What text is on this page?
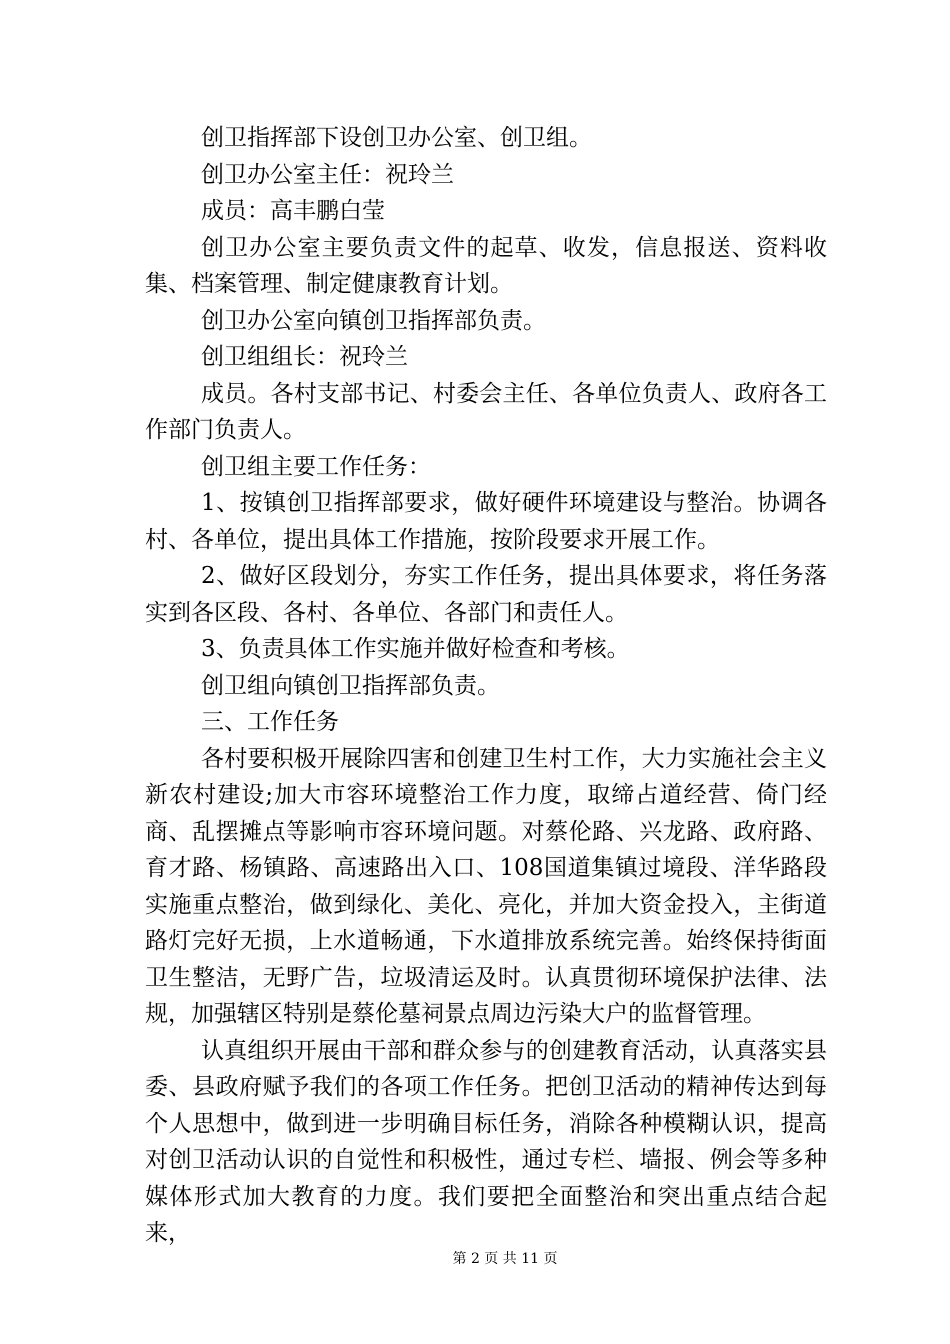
创卫指挥部下设创卫办公室、创卫组。

创卫办公室主任：祝玲兰

成员：高丰鹏白莹

创卫办公室主要负责文件的起草、收发，信息报送、资料收集、档案管理、制定健康教育计划。

创卫办公室向镇创卫指挥部负责。

创卫组组长：祝玲兰

成员。各村支部书记、村委会主任、各单位负责人、政府各工作部门负责人。

创卫组主要工作任务：

1、按镇创卫指挥部要求，做好硬件环境建设与整治。协调各村、各单位，提出具体工作措施，按阶段要求开展工作。

2、做好区段划分，夯实工作任务，提出具体要求，将任务落实到各区段、各村、各单位、各部门和责任人。

3、负责具体工作实施并做好检查和考核。

创卫组向镇创卫指挥部负责。

三、工作任务

各村要积极开展除四害和创建卫生村工作，大力实施社会主义新农村建设;加大市容环境整治工作力度，取缔占道经营、倚门经商、乱摆摊点等影响市容环境问题。对蔡伦路、兴龙路、政府路、育才路、杨镇路、高速路出入口、108国道集镇过境段、洋华路段实施重点整治，做到绿化、美化、亮化，并加大资金投入，主街道路灯完好无损，上水道畅通，下水道排放系统完善。始终保持街面卫生整洁，无野广告，垃圾清运及时。认真贯彻环境保护法律、法规，加强辖区特别是蔡伦墓祠景点周边污染大户的监督管理。

认真组织开展由干部和群众参与的创建教育活动，认真落实县委、县政府赋予我们的各项工作任务。把创卫活动的精神传达到每个人思想中，做到进一步明确目标任务，消除各种模糊认识，提高对创卫活动认识的自觉性和积极性，通过专栏、墙报、例会等多种媒体形式加大教育的力度。我们要把全面整治和突出重点结合起来，

第 2 页 共 11 页
